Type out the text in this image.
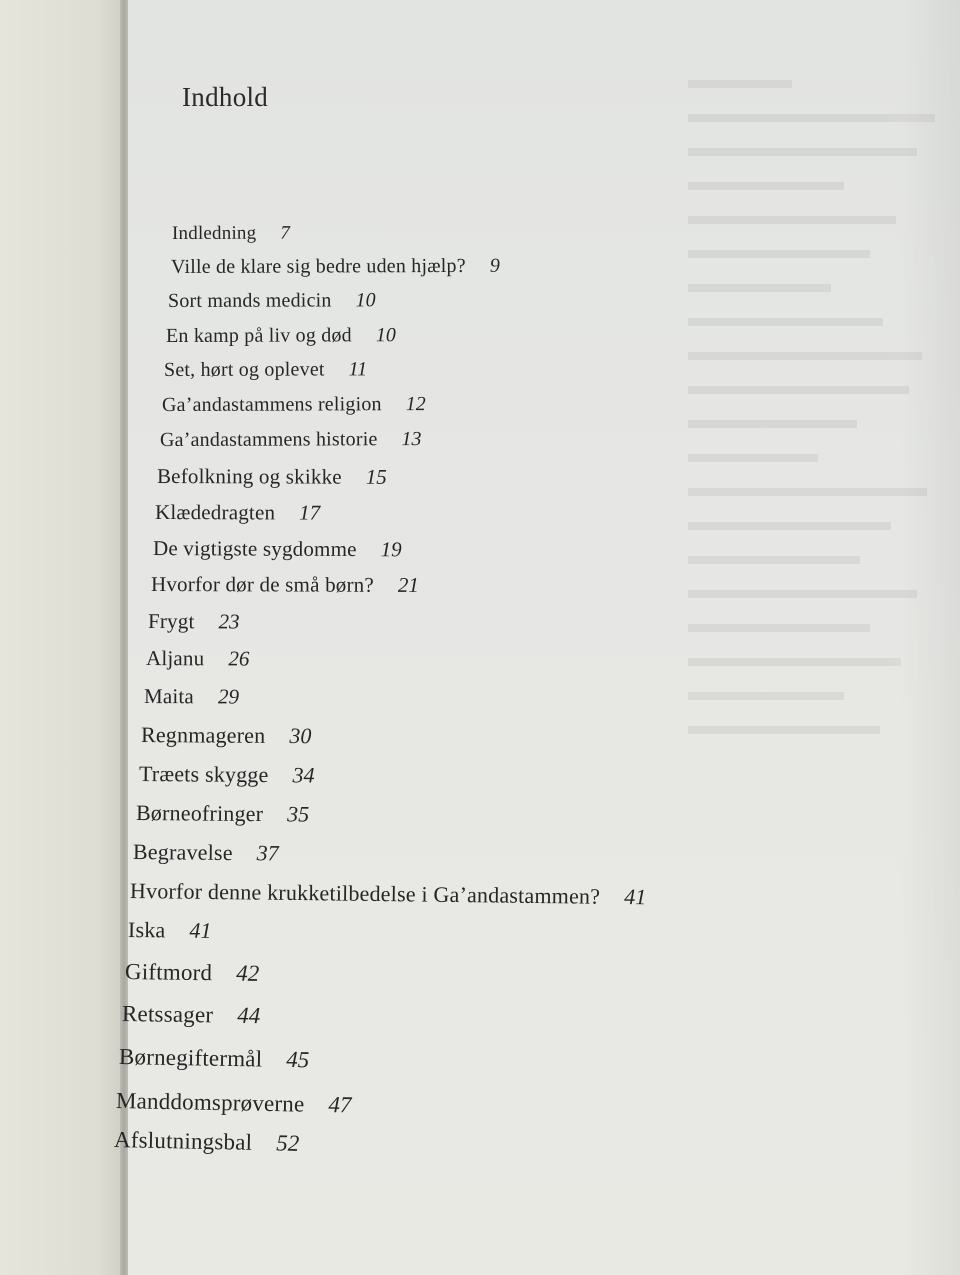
Indhold
Indledning 7
Ville de klare sig bedre uden hjælp? 9
Sort mands medicin 10
En kamp på liv og død 10
Set, hørt og oplevet 11
Ga’andastammens religion 12
Ga’andastammens historie 13
Befolkning og skikke 15
Klædedragten 17
De vigtigste sygdomme 19
Hvorfor dør de små børn? 21
Frygt 23
Aljanu 26
Maita 29
Regnmageren 30
Træets skygge 34
Børneofringer 35
Begravelse 37
Hvorfor denne krukketilbedelse i Ga’andastammen? 41
Iska 41
Giftmord 42
Retssager 44
Børnegiftermål 45
Manddomsprøverne 47
Afslutningsbal 52
